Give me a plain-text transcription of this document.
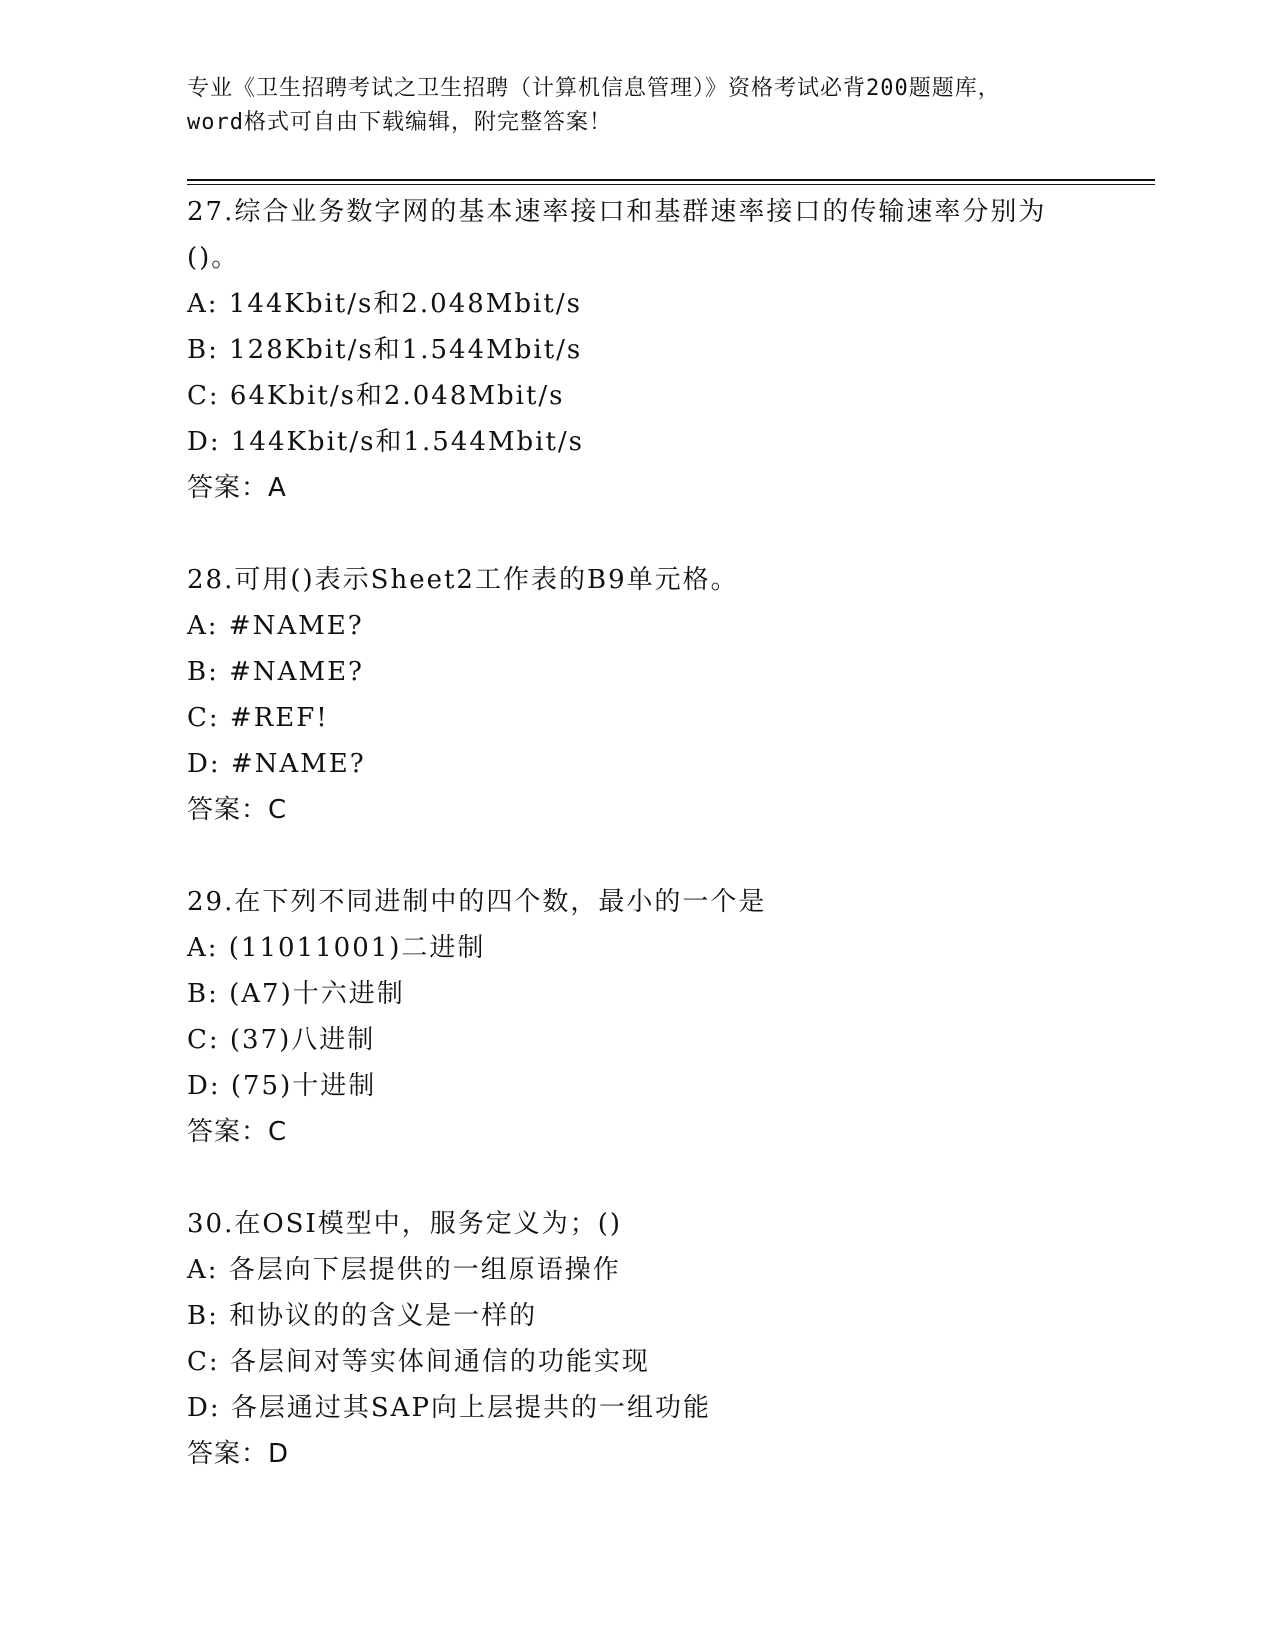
专业《卫生招聘考试之卫生招聘（计算机信息管理）》资格考试必背200题题库，
word格式可自由下载编辑，附完整答案！
27.综合业务数字网的基本速率接口和基群速率接口的传输速率分别为
()。
A: 144Kbit/s和2.048Mbit/s
B: 128Kbit/s和1.544Mbit/s
C: 64Kbit/s和2.048Mbit/s
D: 144Kbit/s和1.544Mbit/s
答案：A
28.可用()表示Sheet2工作表的B9单元格。
A: #NAME?
B: #NAME?
C: #REF!
D: #NAME?
答案：C
29.在下列不同进制中的四个数，最小的一个是
A: (11011001)二进制
B: (A7)十六进制
C: (37)八进制
D: (75)十进制
答案：C
30.在OSI模型中，服务定义为；()
A: 各层向下层提供的一组原语操作
B: 和协议的的含义是一样的
C: 各层间对等实体间通信的功能实现
D: 各层通过其SAP向上层提共的一组功能
答案：D
